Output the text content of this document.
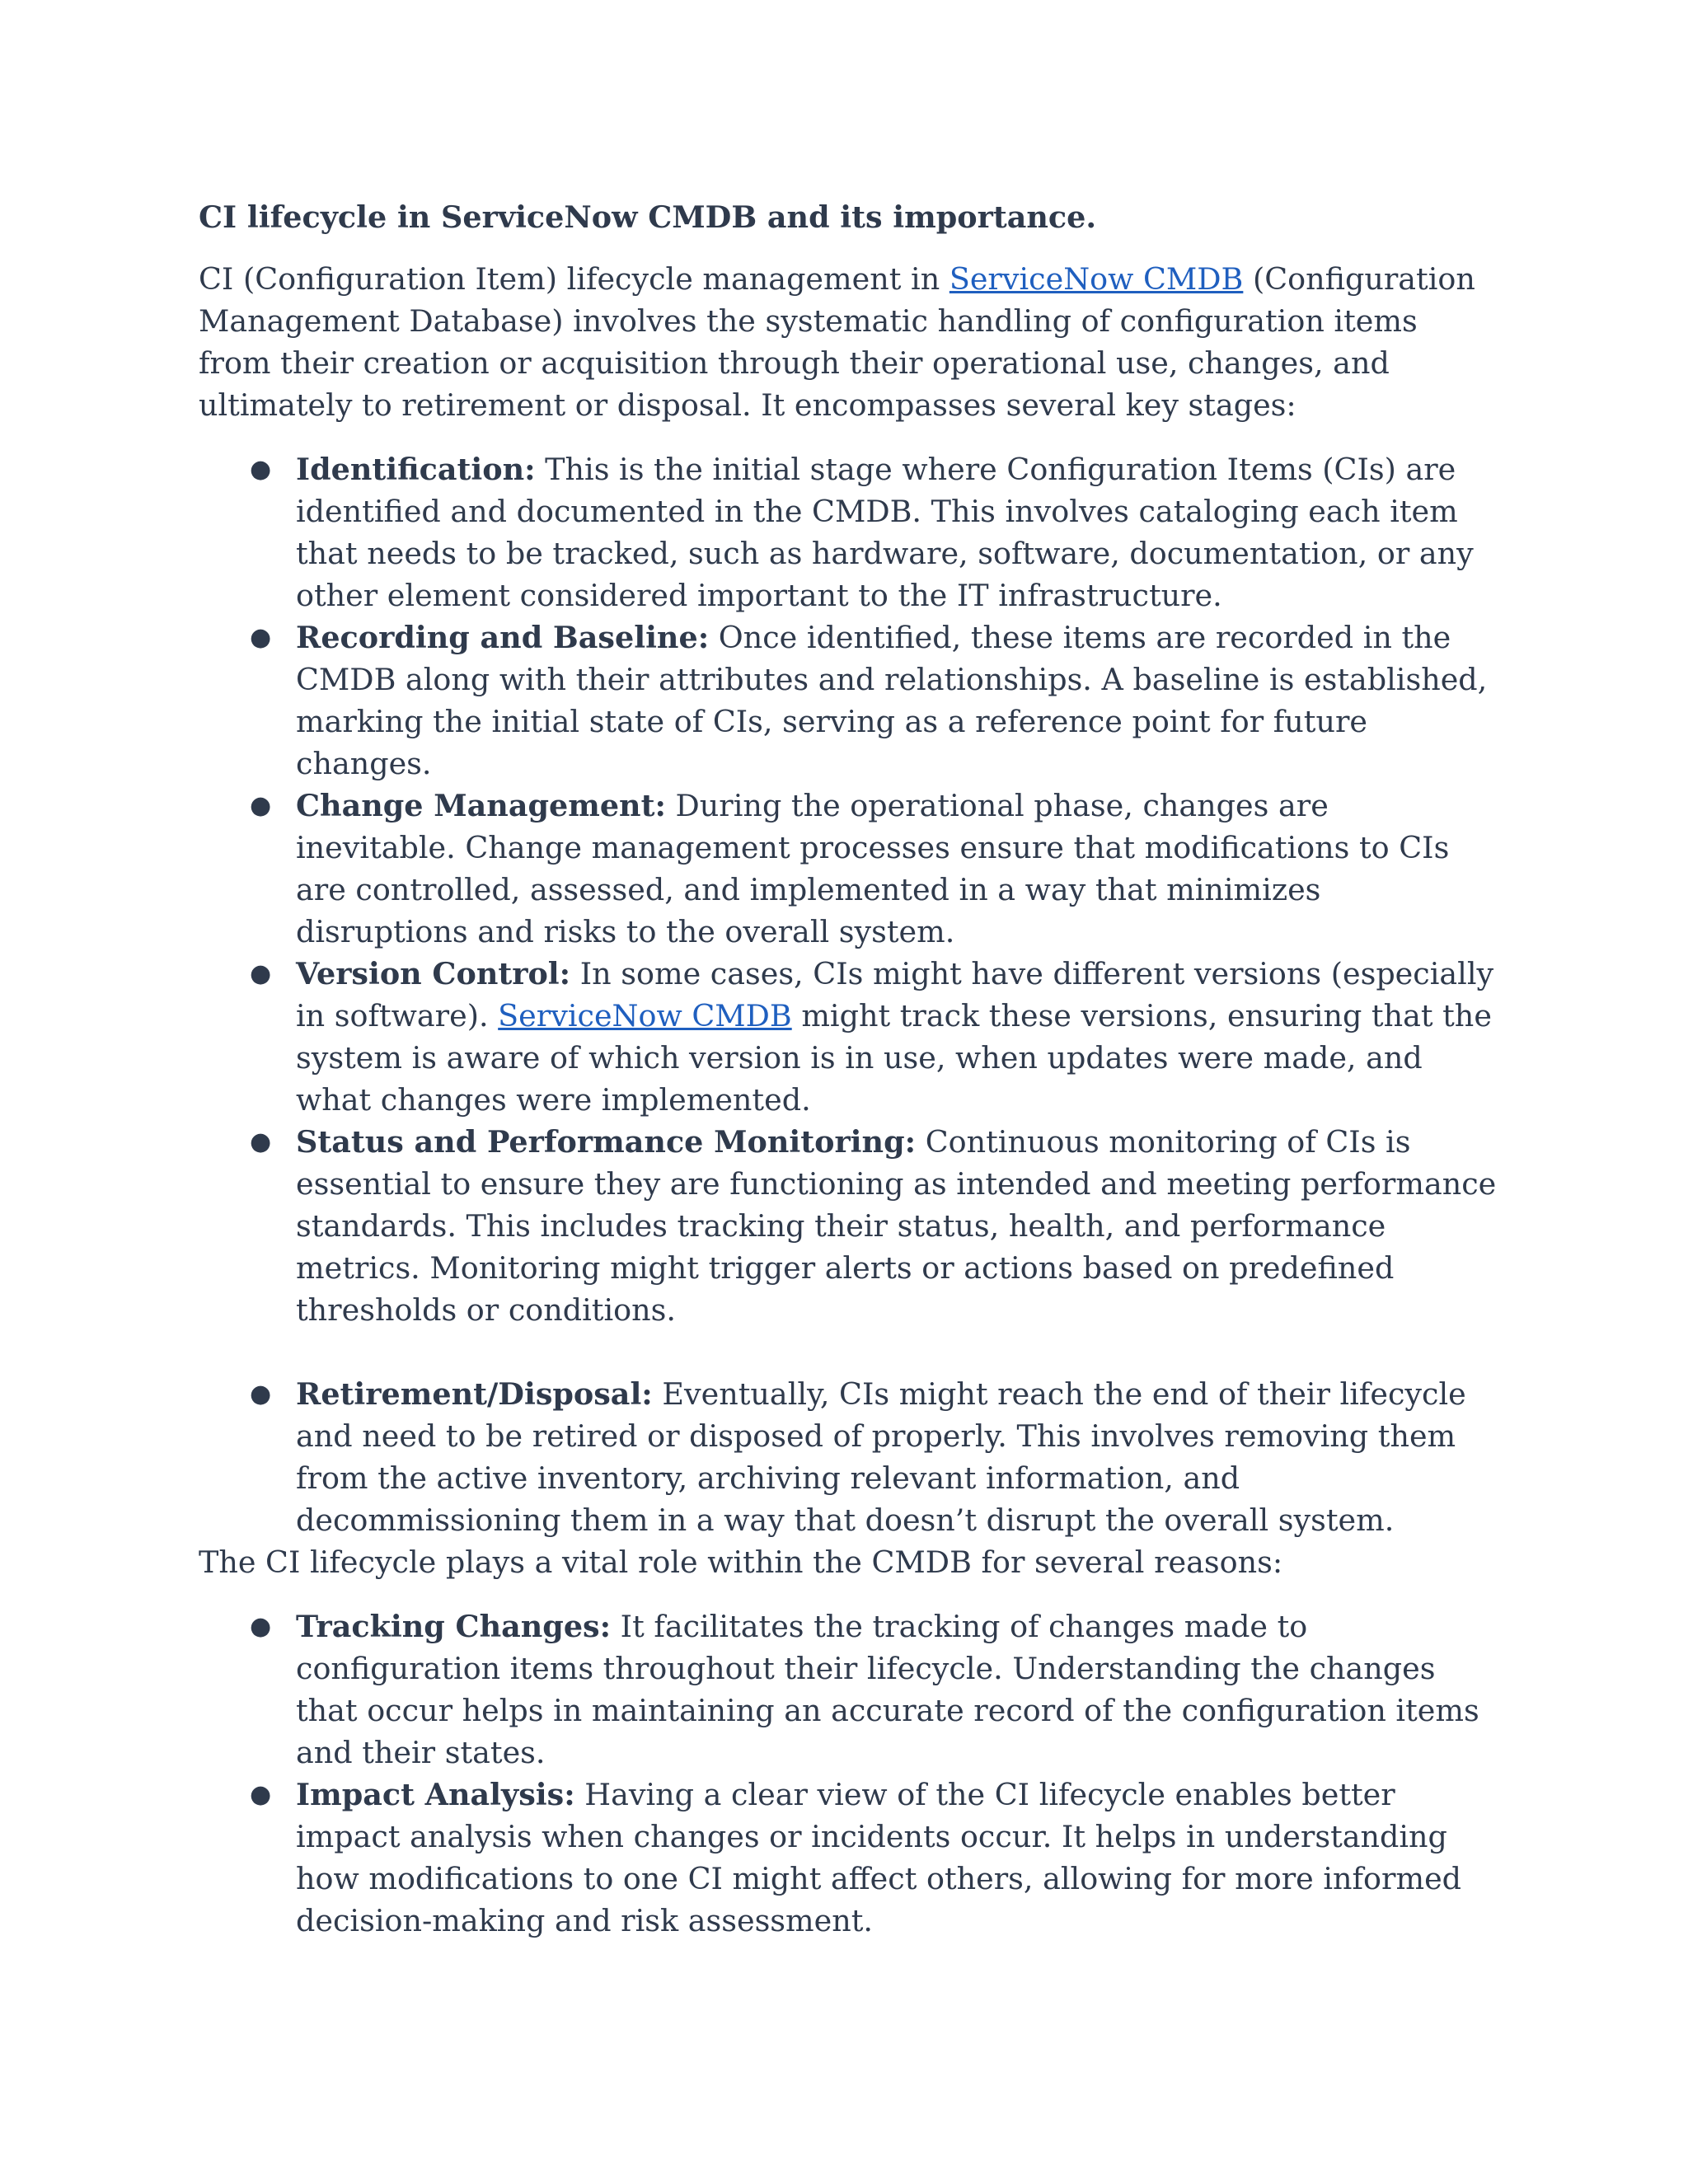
CI lifecycle in ServiceNow CMDB and its importance.

CI (Configuration Item) lifecycle management in ServiceNow CMDB (Configuration Management Database) involves the systematic handling of configuration items from their creation or acquisition through their operational use, changes, and ultimately to retirement or disposal. It encompasses several key stages:

● Identification: This is the initial stage where Configuration Items (CIs) are identified and documented in the CMDB. This involves cataloging each item that needs to be tracked, such as hardware, software, documentation, or any other element considered important to the IT infrastructure.
● Recording and Baseline: Once identified, these items are recorded in the CMDB along with their attributes and relationships. A baseline is established, marking the initial state of CIs, serving as a reference point for future changes.
● Change Management: During the operational phase, changes are inevitable. Change management processes ensure that modifications to CIs are controlled, assessed, and implemented in a way that minimizes disruptions and risks to the overall system.
● Version Control: In some cases, CIs might have different versions (especially in software). ServiceNow CMDB might track these versions, ensuring that the system is aware of which version is in use, when updates were made, and what changes were implemented.
● Status and Performance Monitoring: Continuous monitoring of CIs is essential to ensure they are functioning as intended and meeting performance standards. This includes tracking their status, health, and performance metrics. Monitoring might trigger alerts or actions based on predefined thresholds or conditions.
● Retirement/Disposal: Eventually, CIs might reach the end of their lifecycle and need to be retired or disposed of properly. This involves removing them from the active inventory, archiving relevant information, and decommissioning them in a way that doesn’t disrupt the overall system.

The CI lifecycle plays a vital role within the CMDB for several reasons:

● Tracking Changes: It facilitates the tracking of changes made to configuration items throughout their lifecycle. Understanding the changes that occur helps in maintaining an accurate record of the configuration items and their states.
● Impact Analysis: Having a clear view of the CI lifecycle enables better impact analysis when changes or incidents occur. It helps in understanding how modifications to one CI might affect others, allowing for more informed decision-making and risk assessment.
